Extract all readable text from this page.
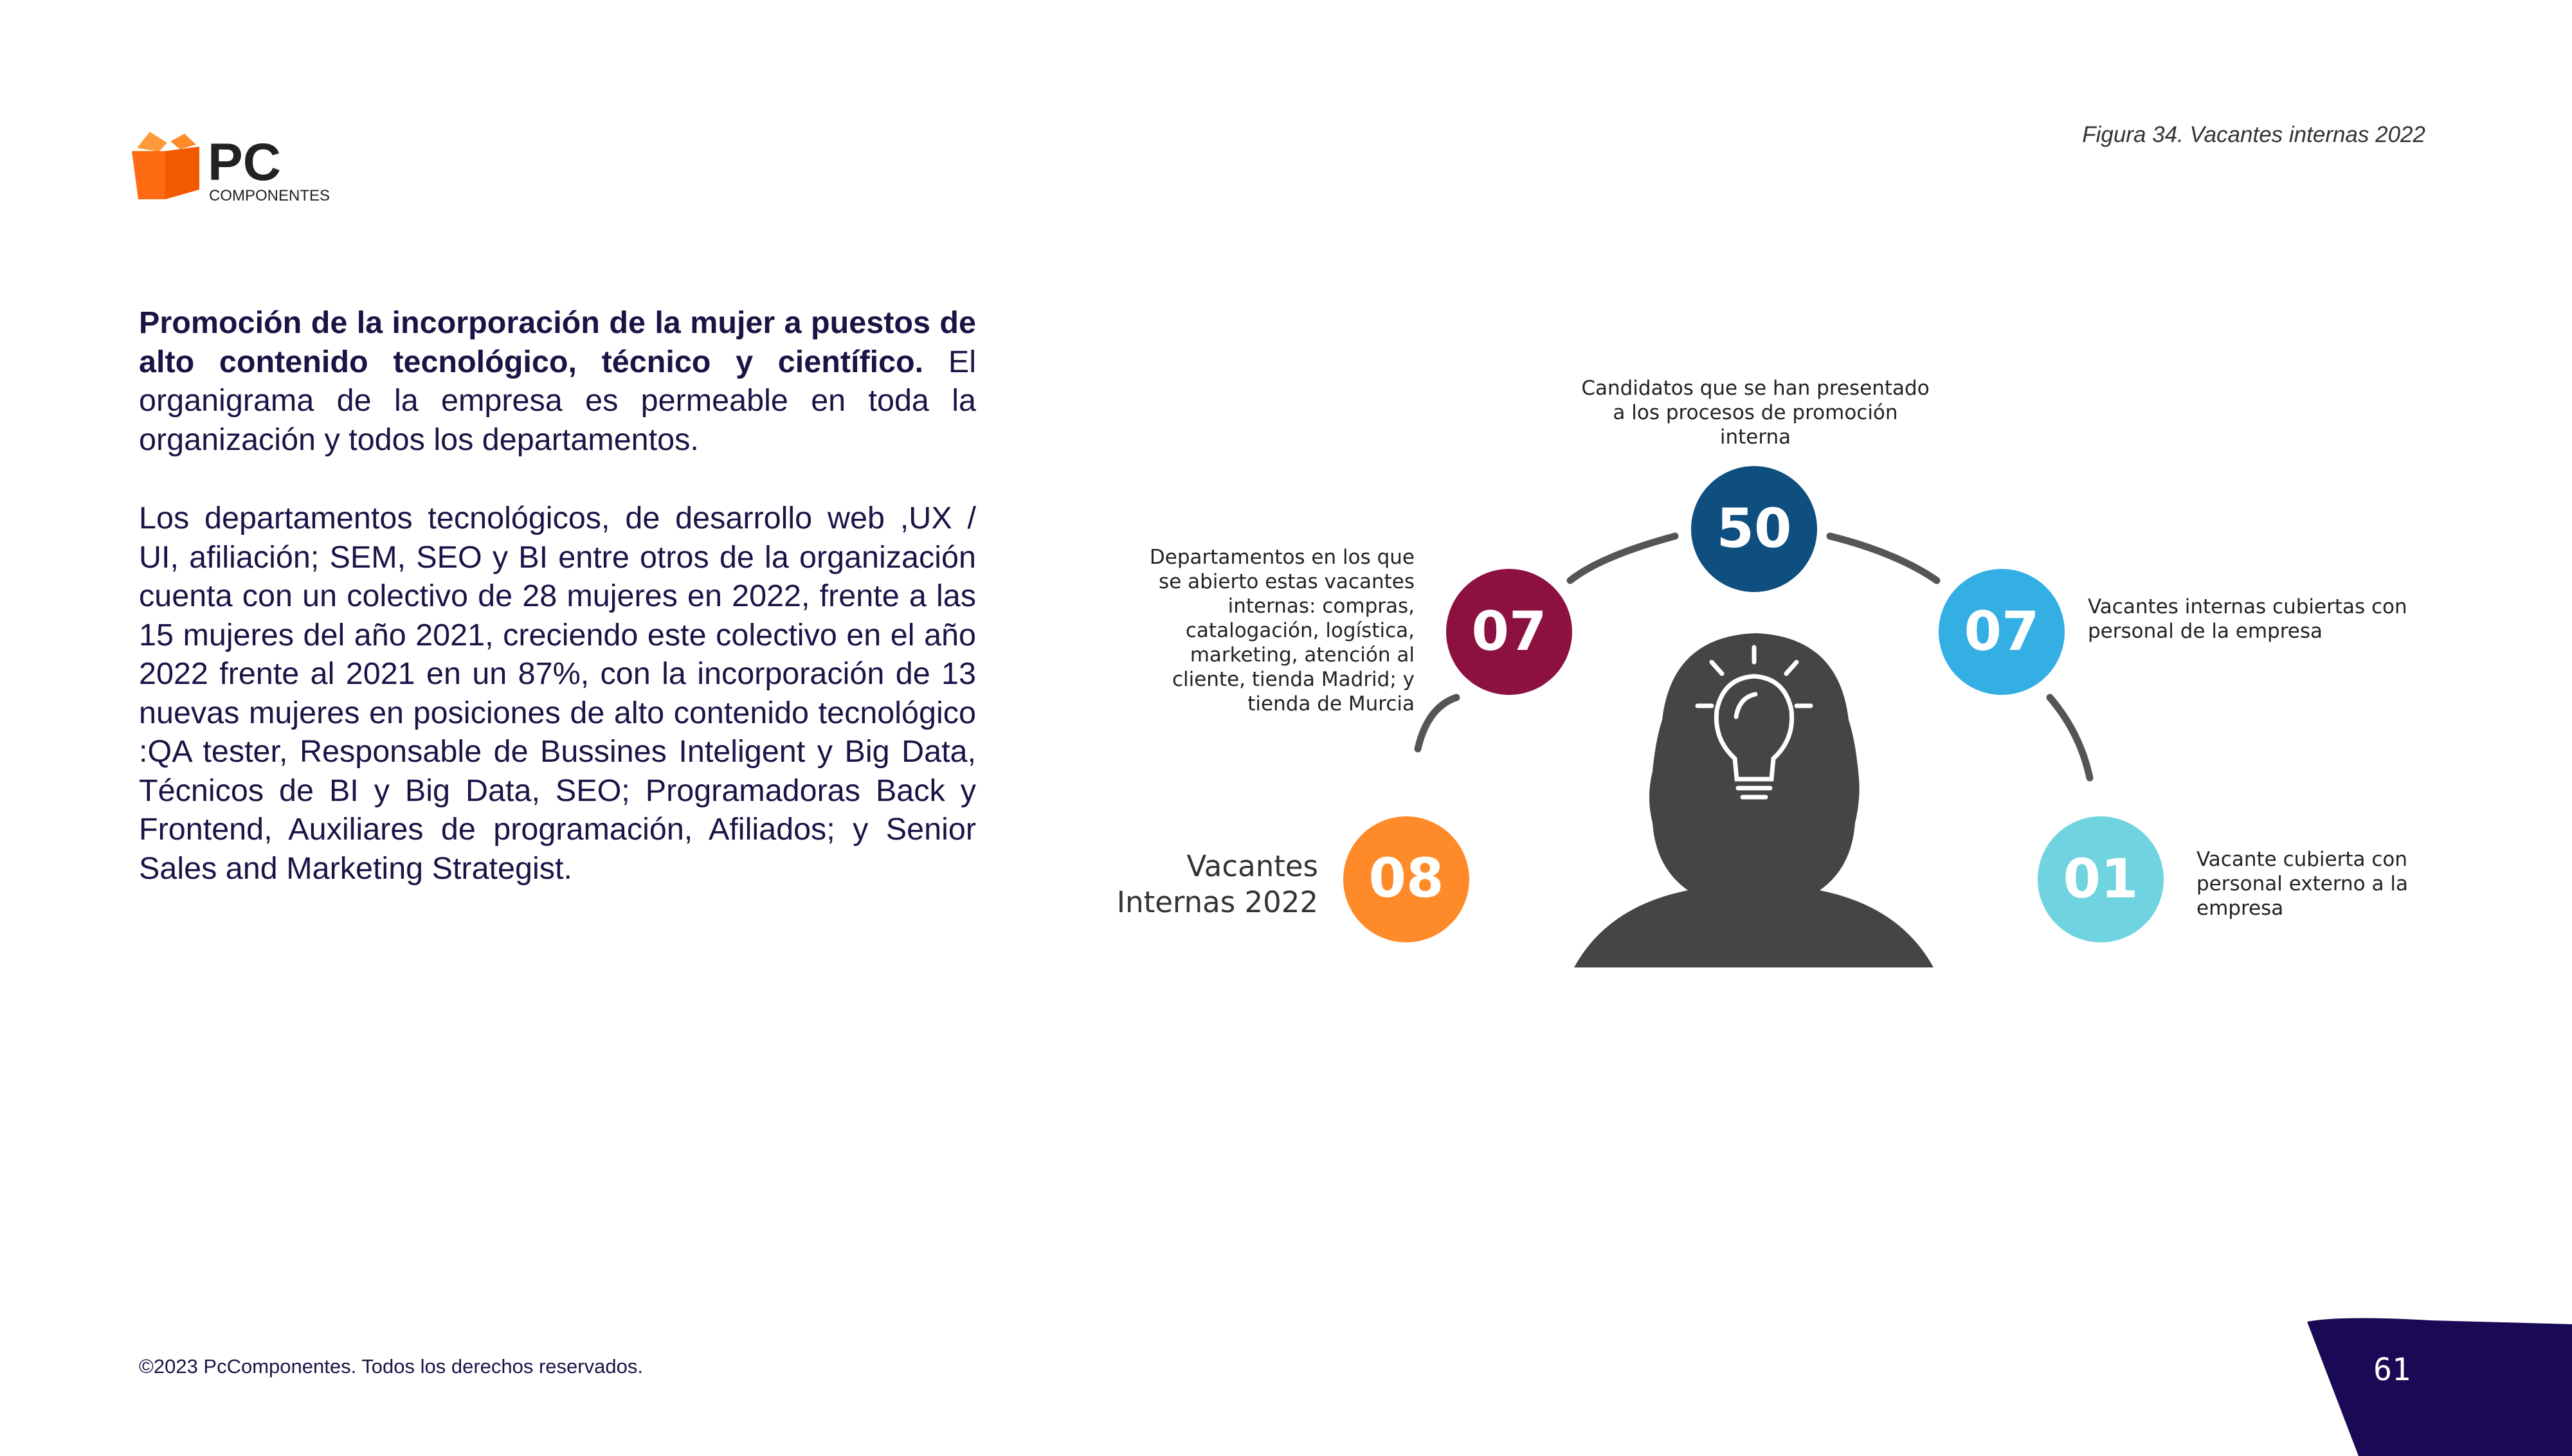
PC
COMPONENTES
Figura 34. Vacantes internas 2022

Promoción de la incorporación de la mujer a puestos de alto contenido tecnológico, técnico y científico. El organigrama de la empresa es permeable en toda la organización y todos los departamentos.

Los departamentos tecnológicos, de desarrollo web ,UX / UI, afiliación; SEM, SEO y BI entre otros de la organización cuenta con un colectivo de 28 mujeres en 2022, frente a las 15 mujeres del año 2021, creciendo este colectivo en el año 2022 frente al 2021 en un 87%, con la incorporación de 13 nuevas mujeres en posiciones de alto contenido tecnológico :QA tester, Responsable de Bussines Inteligent y Big Data, Técnicos de BI y Big Data, SEO; Programadoras Back y Frontend, Auxiliares de programación, Afiliados; y Senior Sales and Marketing Strategist.	08
07
50
07
01
Vacantes
Internas 2022
Departamentos en los que
se abierto estas vacantes
internas: compras,
catalogación, logística,
marketing, atención al
cliente, tienda Madrid; y
tienda de Murcia
Candidatos que se han presentado
a los procesos de promoción
interna
Vacantes internas cubiertas con
personal de la empresa
Vacante cubierta con
personal externo a la
empresa
©2023 PcComponentes. Todos los derechos reservados.	61
